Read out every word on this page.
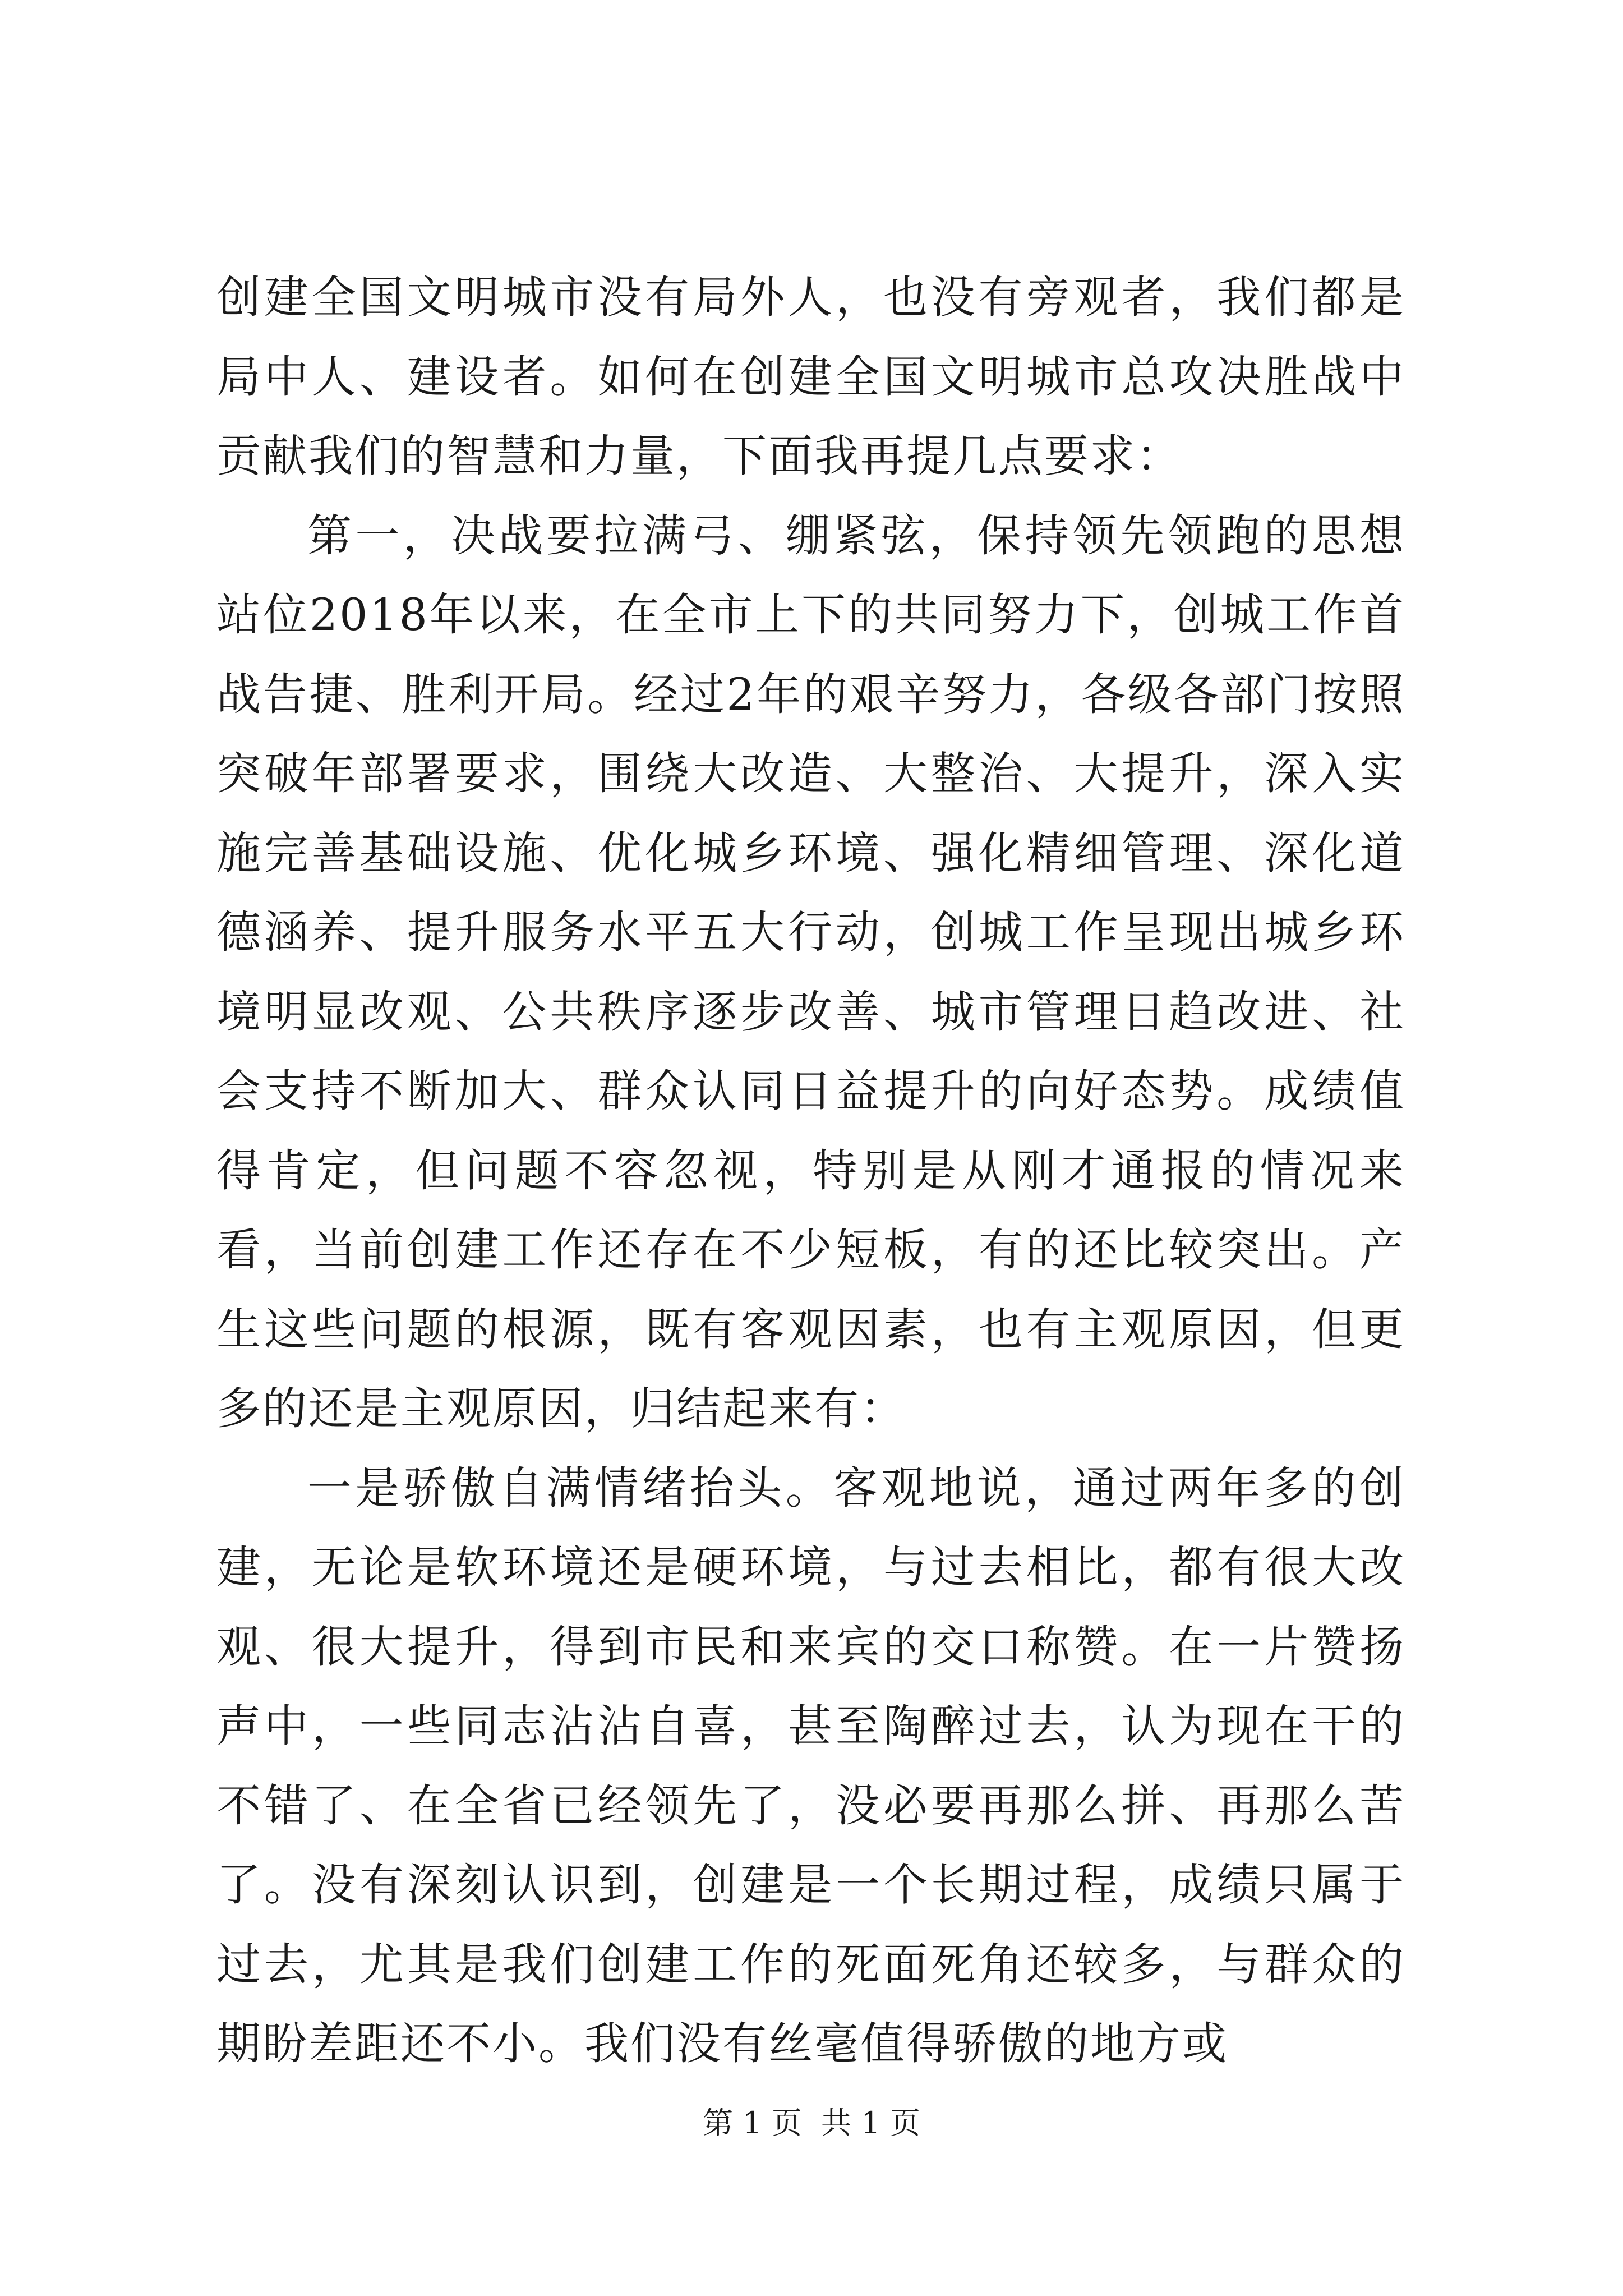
创建全国文明城市没有局外人，也没有旁观者，我们都是局中人、建设者。如何在创建全国文明城市总攻决胜战中贡献我们的智慧和力量，下面我再提几点要求：

第一，决战要拉满弓、绷紧弦，保持领先领跑的思想站位2018年以来，在全市上下的共同努力下，创城工作首战告捷、胜利开局。经过2年的艰辛努力，各级各部门按照突破年部署要求，围绕大改造、大整治、大提升，深入实施完善基础设施、优化城乡环境、强化精细管理、深化道德涵养、提升服务水平五大行动，创城工作呈现出城乡环境明显改观、公共秩序逐步改善、城市管理日趋改进、社会支持不断加大、群众认同日益提升的向好态势。成绩值得肯定，但问题不容忽视，特别是从刚才通报的情况来看，当前创建工作还存在不少短板，有的还比较突出。产生这些问题的根源，既有客观因素，也有主观原因，但更多的还是主观原因，归结起来有：

一是骄傲自满情绪抬头。客观地说，通过两年多的创建，无论是软环境还是硬环境，与过去相比，都有很大改观、很大提升，得到市民和来宾的交口称赞。在一片赞扬声中，一些同志沾沾自喜，甚至陶醉过去，认为现在干的不错了、在全省已经领先了，没必要再那么拼、再那么苦了。没有深刻认识到，创建是一个长期过程，成绩只属于过去，尤其是我们创建工作的死面死角还较多，与群众的期盼差距还不小。我们没有丝毫值得骄傲的地方或

第 1 页  共 1 页
